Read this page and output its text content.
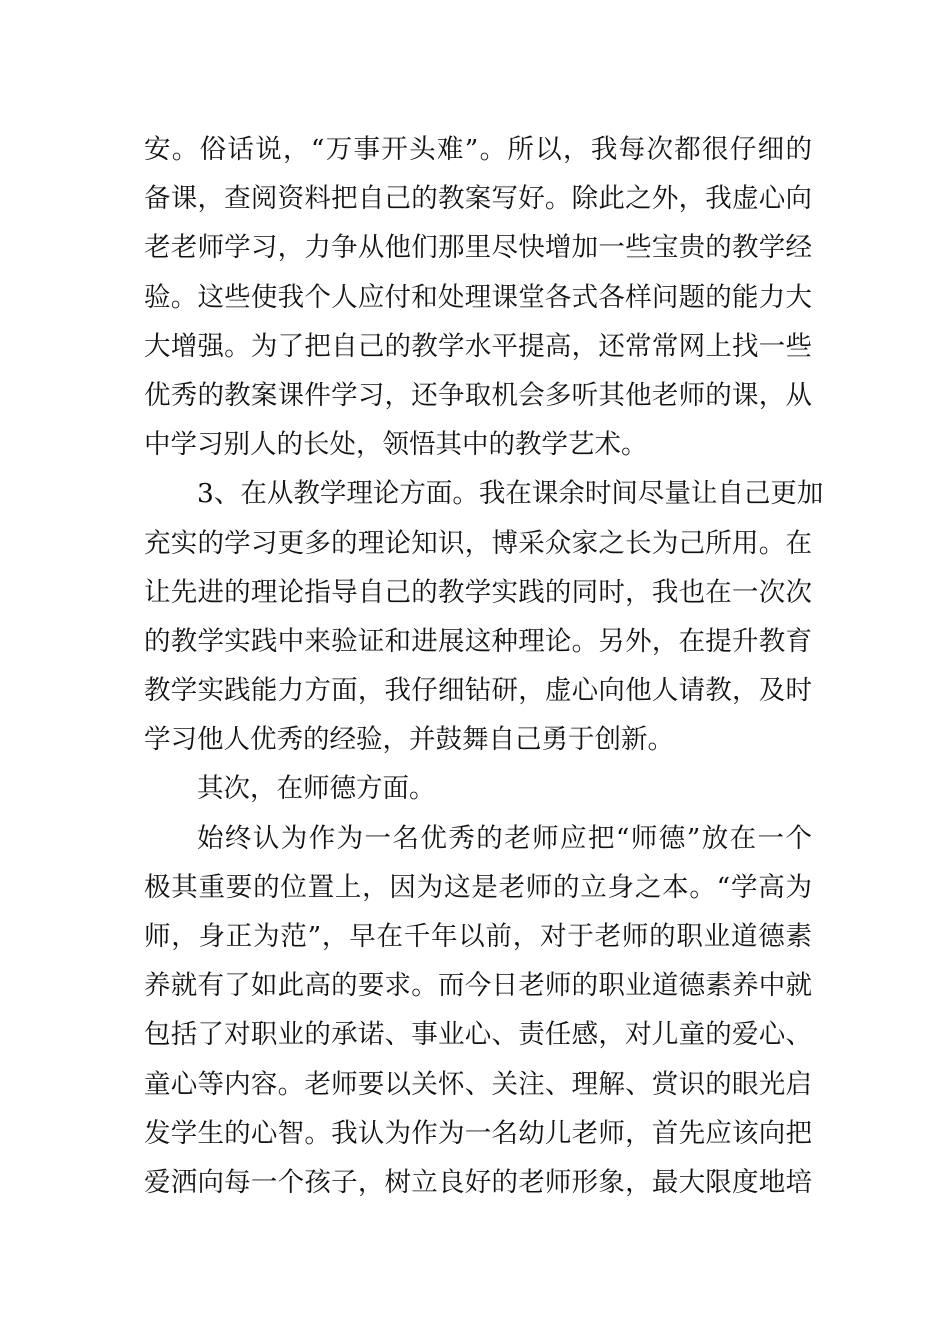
安。俗话说，“万事开头难”。所以，我每次都很仔细的
备课，查阅资料把自己的教案写好。除此之外，我虚心向
老老师学习，力争从他们那里尽快增加一些宝贵的教学经
验。这些使我个人应付和处理课堂各式各样问题的能力大
大增强。为了把自己的教学水平提高，还常常网上找一些
优秀的教案课件学习，还争取机会多听其他老师的课，从
中学习别人的长处，领悟其中的教学艺术。
3、在从教学理论方面。我在课余时间尽量让自己更加
充实的学习更多的理论知识，博采众家之长为己所用。在
让先进的理论指导自己的教学实践的同时，我也在一次次
的教学实践中来验证和进展这种理论。另外，在提升教育
教学实践能力方面，我仔细钻研，虚心向他人请教，及时
学习他人优秀的经验，并鼓舞自己勇于创新。
其次，在师德方面。
始终认为作为一名优秀的老师应把“师德”放在一个
极其重要的位置上，因为这是老师的立身之本。“学高为
师，身正为范”，早在千年以前，对于老师的职业道德素
养就有了如此高的要求。而今日老师的职业道德素养中就
包括了对职业的承诺、事业心、责任感，对儿童的爱心、
童心等内容。老师要以关怀、关注、理解、赏识的眼光启
发学生的心智。我认为作为一名幼儿老师，首先应该向把
爱洒向每一个孩子，树立良好的老师形象，最大限度地培
